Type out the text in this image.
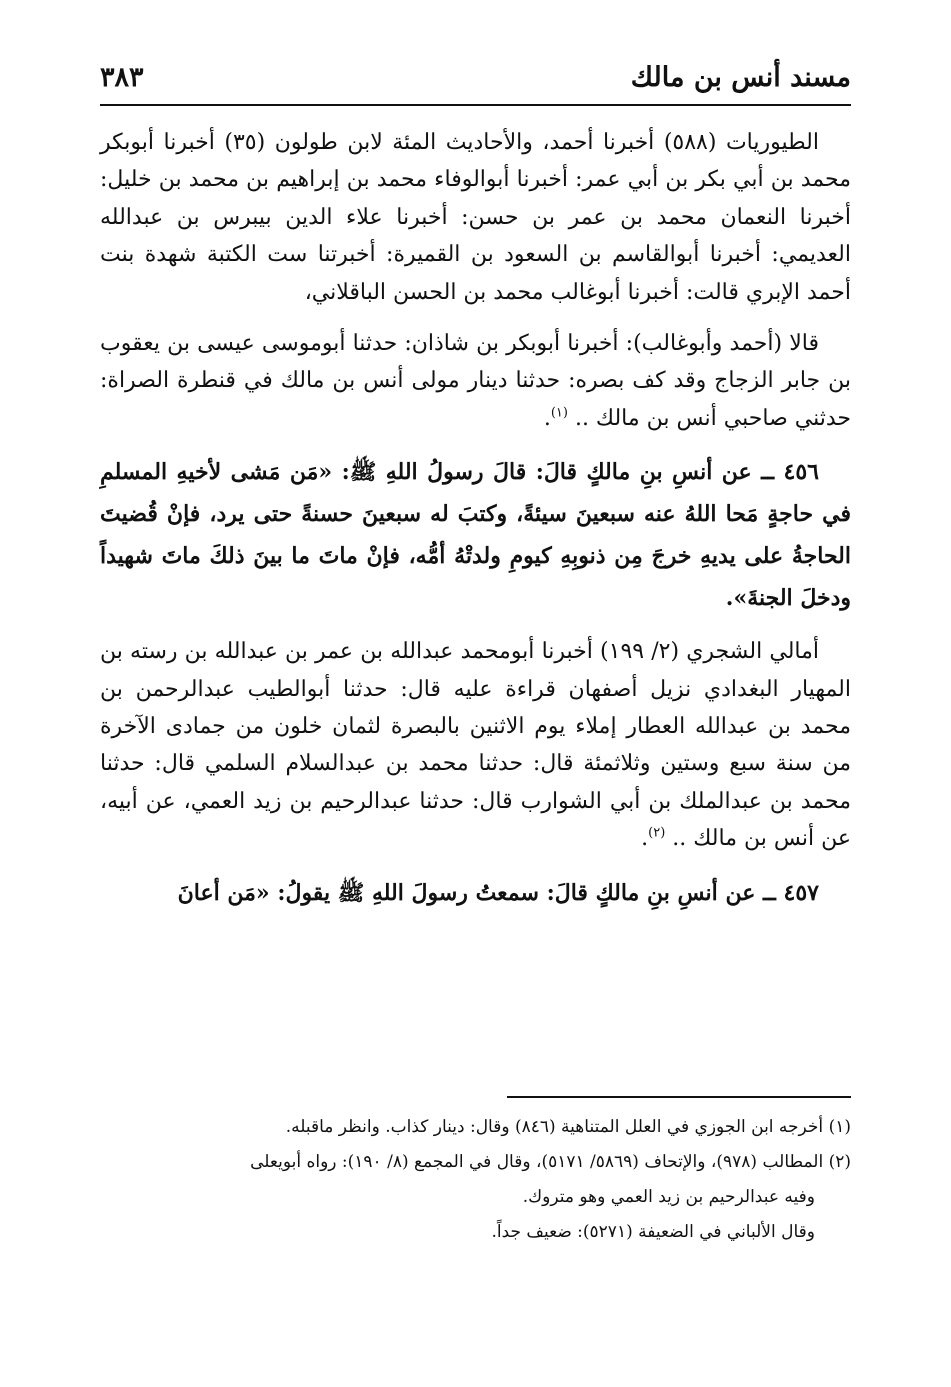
مسند أنس بن مالك
٣٨٣

الطيوريات (٥٨٨) أخبرنا أحمد، والأحاديث المئة لابن طولون (٣٥) أخبرنا أبوبكر محمد بن أبي بكر بن أبي عمر: أخبرنا أبوالوفاء محمد بن إبراهيم بن محمد بن خليل: أخبرنا النعمان محمد بن عمر بن حسن: أخبرنا علاء الدين بيبرس بن عبدالله العديمي: أخبرنا أبوالقاسم بن السعود بن القميرة: أخبرتنا ست الكتبة شهدة بنت أحمد الإبري قالت: أخبرنا أبوغالب محمد بن الحسن الباقلاني،

قالا (أحمد وأبوغالب): أخبرنا أبوبكر بن شاذان: حدثنا أبوموسى عيسى بن يعقوب بن جابر الزجاج وقد كف بصره: حدثنا دينار مولى أنس بن مالك في قنطرة الصراة: حدثني صاحبي أنس بن مالك .. $^{(١)}$.

٤٥٦ ــ عن أنسِ بنِ مالكٍ قالَ: قالَ رسولُ اللهِ ﷺ: «مَن مَشى لأخيهِ المسلمِ في حاجةٍ مَحا اللهُ عنه سبعينَ سيئةً، وكتبَ له سبعينَ حسنةً حتى يرد، فإنْ قُضيتَ الحاجةُ على يديهِ خرجَ مِن ذنوبِهِ كيومِ ولدتْهُ أمُّه، فإنْ ماتَ ما بينَ ذلكَ ماتَ شهيداً ودخلَ الجنةَ».

أمالي الشجري (٢/ ١٩٩) أخبرنا أبومحمد عبدالله بن عمر بن عبدالله بن رسته بن المهيار البغدادي نزيل أصفهان قراءة عليه قال: حدثنا أبوالطيب عبدالرحمن بن محمد بن عبدالله العطار إملاء يوم الاثنين بالبصرة لثمان خلون من جمادى الآخرة من سنة سبع وستين وثلاثمئة قال: حدثنا محمد بن عبدالسلام السلمي قال: حدثنا محمد بن عبدالملك بن أبي الشوارب قال: حدثنا عبدالرحيم بن زيد العمي، عن أبيه، عن أنس بن مالك .. $^{(٢)}$.

٤٥٧ ــ عن أنسِ بنِ مالكٍ قالَ: سمعتُ رسولَ اللهِ ﷺ يقولُ: «مَن أعانَ

(١) أخرجه ابن الجوزي في العلل المتناهية (٨٤٦) وقال: دينار كذاب. وانظر ماقبله.

(٢) المطالب (٩٧٨)، والإتحاف (٥٨٦٩/ ٥١٧١)، وقال في المجمع (٨/ ١٩٠): رواه أبويعلى

وفيه عبدالرحيم بن زيد العمي وهو متروك.

وقال الألباني في الضعيفة (٥٢٧١): ضعيف جداً.
